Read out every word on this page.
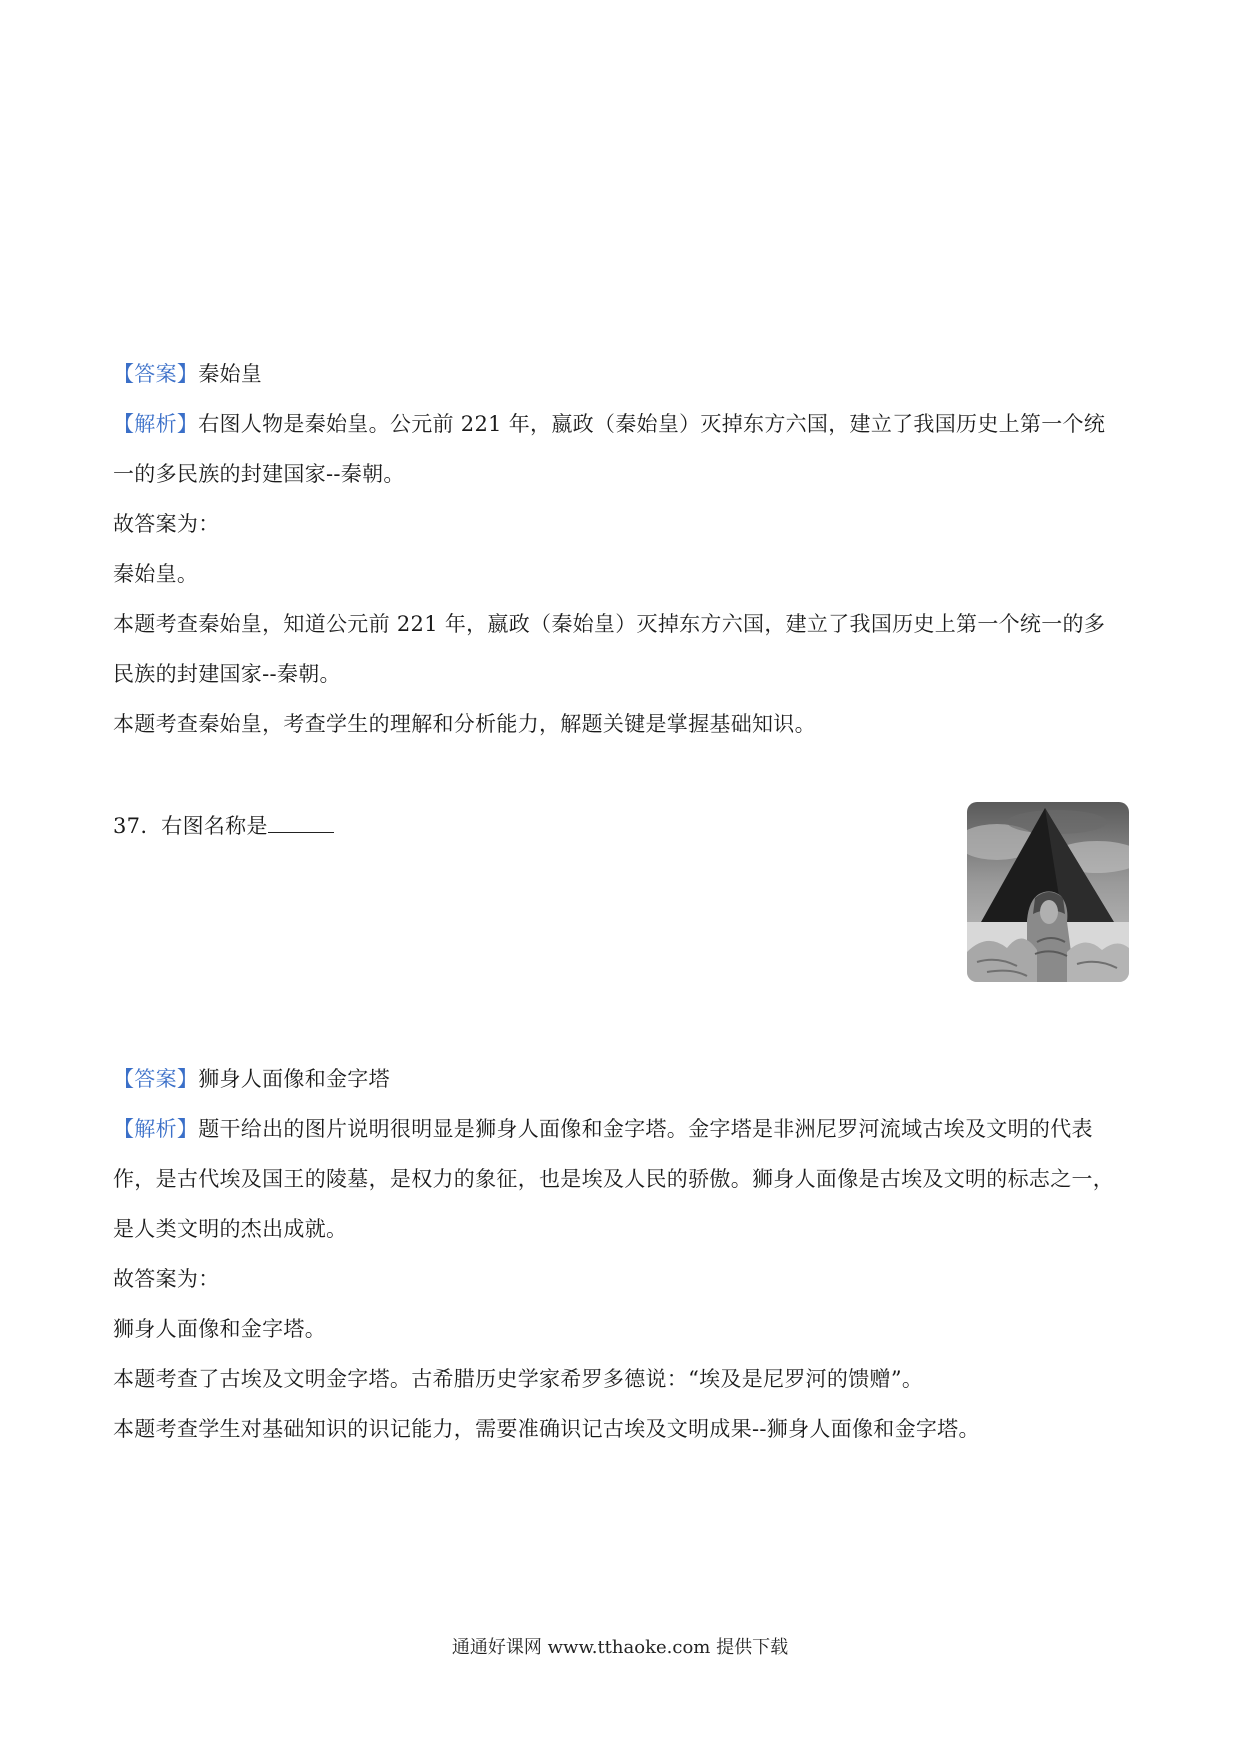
【答案】秦始皇
【解析】右图人物是秦始皇。公元前 221 年，嬴政（秦始皇）灭掉东方六国，建立了我国历史上第一个统
一的多民族的封建国家--秦朝。
故答案为：
秦始皇。
本题考查秦始皇，知道公元前 221 年，嬴政（秦始皇）灭掉东方六国，建立了我国历史上第一个统一的多
民族的封建国家--秦朝。
本题考查秦始皇，考查学生的理解和分析能力，解题关键是掌握基础知识。
37. 右图名称是
【答案】狮身人面像和金字塔
【解析】题干给出的图片说明很明显是狮身人面像和金字塔。金字塔是非洲尼罗河流域古埃及文明的代表
作，是古代埃及国王的陵墓，是权力的象征，也是埃及人民的骄傲。狮身人面像是古埃及文明的标志之一，
是人类文明的杰出成就。
故答案为：
狮身人面像和金字塔。
本题考查了古埃及文明金字塔。古希腊历史学家希罗多德说：“埃及是尼罗河的馈赠”。
本题考查学生对基础知识的识记能力，需要准确识记古埃及文明成果--狮身人面像和金字塔。
通通好课网 www.tthaoke.com 提供下载
